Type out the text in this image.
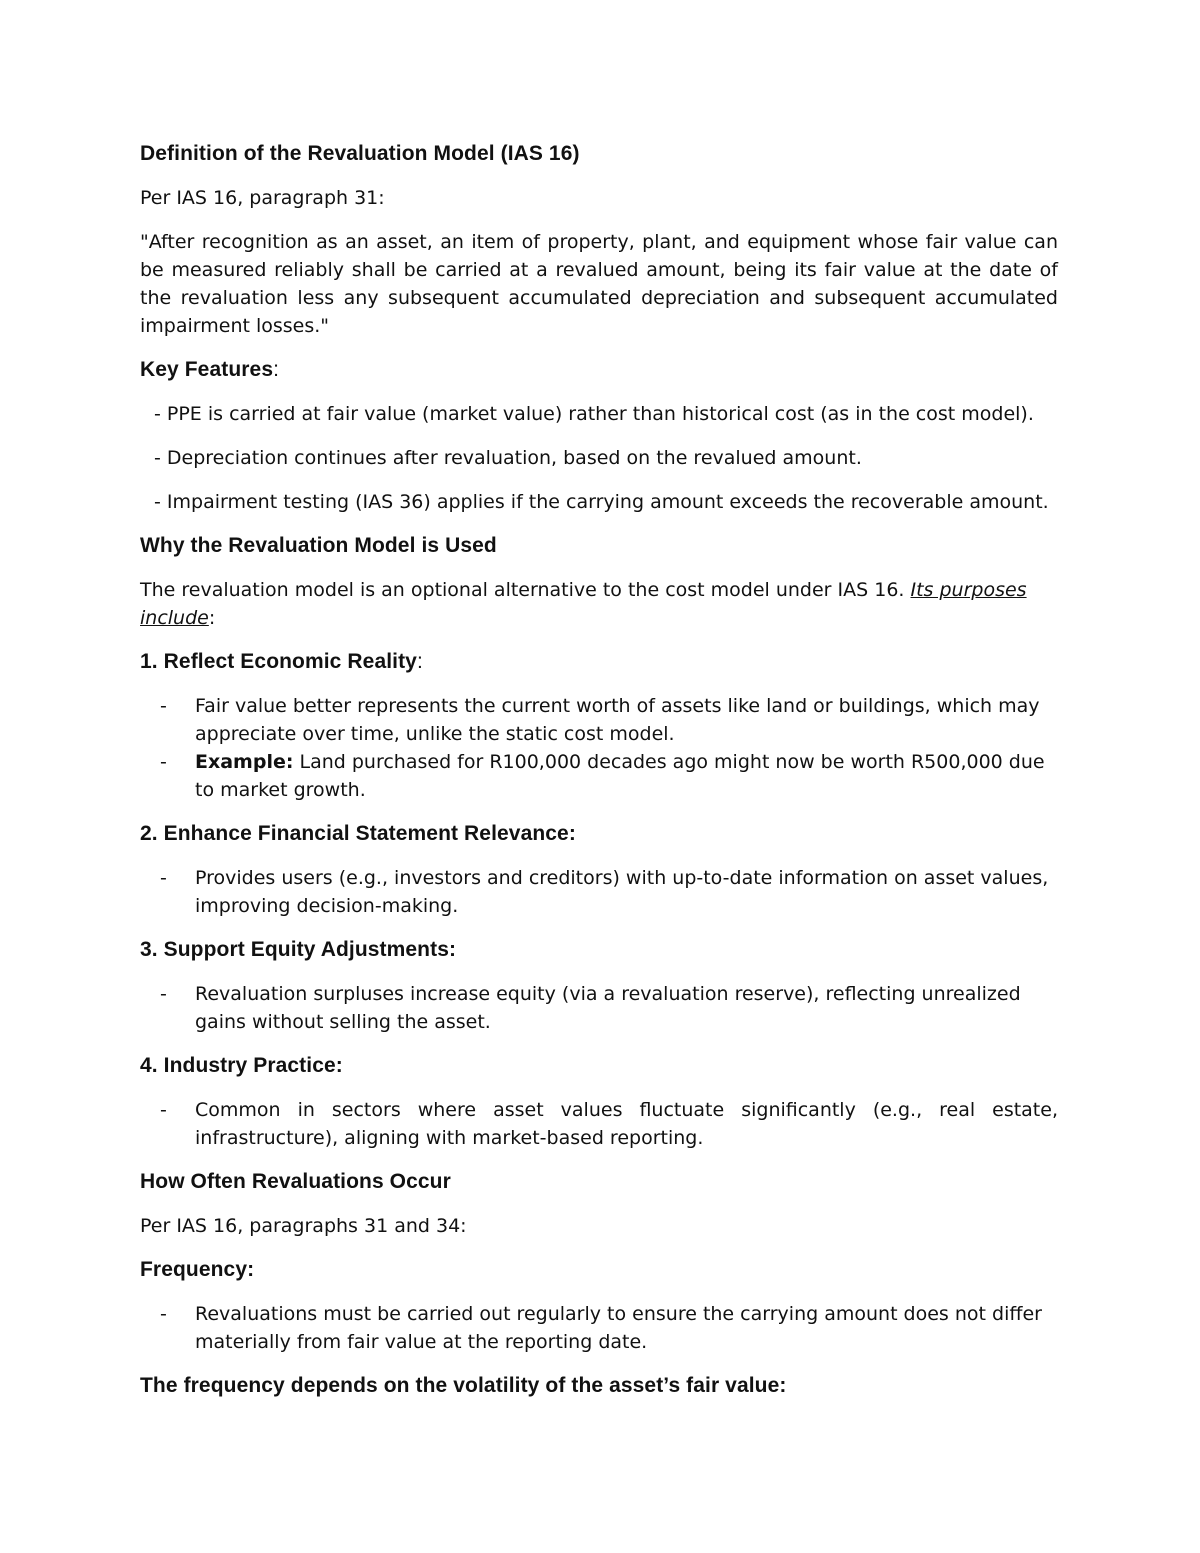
Definition of the Revaluation Model (IAS 16)

Per IAS 16, paragraph 31:

"After recognition as an asset, an item of property, plant, and equipment whose fair value can be measured reliably shall be carried at a revalued amount, being its fair value at the date of the revaluation less any subsequent accumulated depreciation and subsequent accumulated impairment losses."

Key Features:

- PPE is carried at fair value (market value) rather than historical cost (as in the cost model).

- Depreciation continues after revaluation, based on the revalued amount.

- Impairment testing (IAS 36) applies if the carrying amount exceeds the recoverable amount.

Why the Revaluation Model is Used

The revaluation model is an optional alternative to the cost model under IAS 16. Its purposes include:

1. Reflect Economic Reality:

- Fair value better represents the current worth of assets like land or buildings, which may appreciate over time, unlike the static cost model.
- Example: Land purchased for R100,000 decades ago might now be worth R500,000 due to market growth.

2. Enhance Financial Statement Relevance:

- Provides users (e.g., investors and creditors) with up-to-date information on asset values, improving decision-making.

3. Support Equity Adjustments:

- Revaluation surpluses increase equity (via a revaluation reserve), reflecting unrealized gains without selling the asset.

4. Industry Practice:

- Common in sectors where asset values fluctuate significantly (e.g., real estate, infrastructure), aligning with market-based reporting.

How Often Revaluations Occur

Per IAS 16, paragraphs 31 and 34:

Frequency:

- Revaluations must be carried out regularly to ensure the carrying amount does not differ materially from fair value at the reporting date.

The frequency depends on the volatility of the asset’s fair value:
